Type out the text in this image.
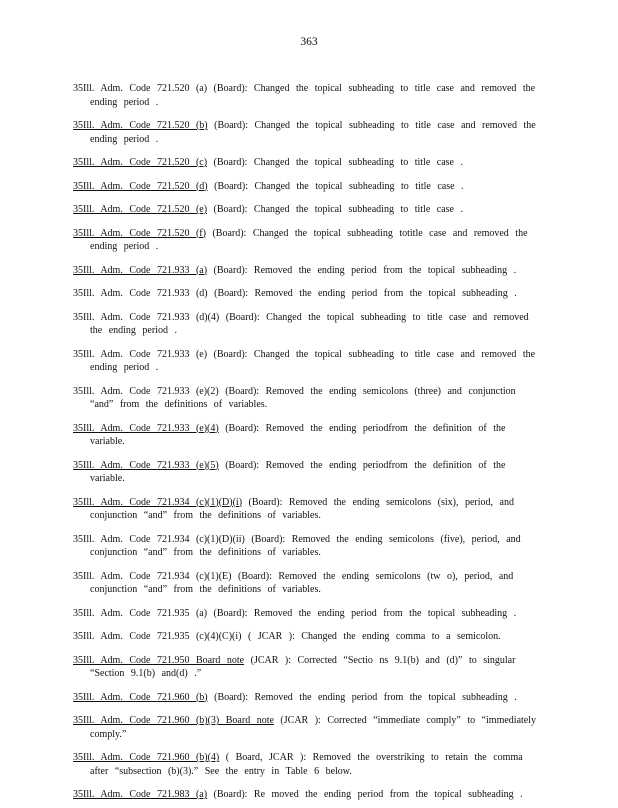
363

35Ill. Adm. Code 721.520 (a) (Board): Changed the topical subheading to title case and removed the ending period .

35Ill. Adm. Code 721.520 (b) (Board): Changed the topical subheading to title case and removed the ending period .

35Ill. Adm. Code 721.520 (c) (Board): Changed the topical subheading to title case .

35Ill. Adm. Code 721.520 (d) (Board): Changed the topical subheading to title case .

35Ill. Adm. Code 721.520 (e) (Board): Changed the topical subheading to title case .

35Ill. Adm. Code 721.520 (f) (Board): Changed the topical subheading totitle case and removed the ending period .

35Ill. Adm. Code 721.933 (a) (Board): Removed the ending period from the topical subheading .

35Ill. Adm. Code 721.933 (d) (Board): Removed the ending period from the topical subheading .

35Ill. Adm. Code 721.933 (d)(4) (Board): Changed the topical subheading to title case and removed the ending period .

35Ill. Adm. Code 721.933 (e) (Board): Changed the topical subheading to title case and removed the ending period .

35Ill. Adm. Code 721.933 (e)(2) (Board): Removed the ending semicolons (three) and conjunction “and” from the definitions of variables.

35Ill. Adm. Code 721.933 (e)(4) (Board): Removed the ending periodfrom the definition of the variable.

35Ill. Adm. Code 721.933 (e)(5) (Board): Removed the ending periodfrom the definition of the variable.

35Ill. Adm. Code 721.934 (c)(1)(D)(i) (Board): Removed the ending semicolons (six), period, and conjunction “and” from the definitions of variables.

35Ill. Adm. Code 721.934 (c)(1)(D)(ii) (Board): Removed the ending semicolons (five), period, and conjunction “and” from the definitions of variables.

35Ill. Adm. Code 721.934 (c)(1)(E) (Board): Removed the ending semicolons (tw o), period, and conjunction “and” from the definitions of variables.

35Ill. Adm. Code 721.935 (a) (Board): Removed the ending period from the topical subheading .

35Ill. Adm. Code 721.935 (c)(4)(C)(i) ( JCAR ): Changed the ending comma to a semicolon.

35Ill. Adm. Code 721.950 Board note (JCAR ): Corrected “Sectio ns 9.1(b) and (d)” to singular “Section 9.1(b) and(d) .”

35Ill. Adm. Code 721.960 (b) (Board): Removed the ending period from the topical subheading .

35Ill. Adm. Code 721.960 (b)(3) Board note (JCAR ): Corrected “immediate comply” to “immediately comply.”

35Ill. Adm. Code 721.960 (b)(4) ( Board, JCAR ): Removed the overstriking to retain the comma after “subsection (b)(3).” See the entry in Table 6 below.

35Ill. Adm. Code 721.983 (a) (Board): Re moved the ending period from the topical subheading .
